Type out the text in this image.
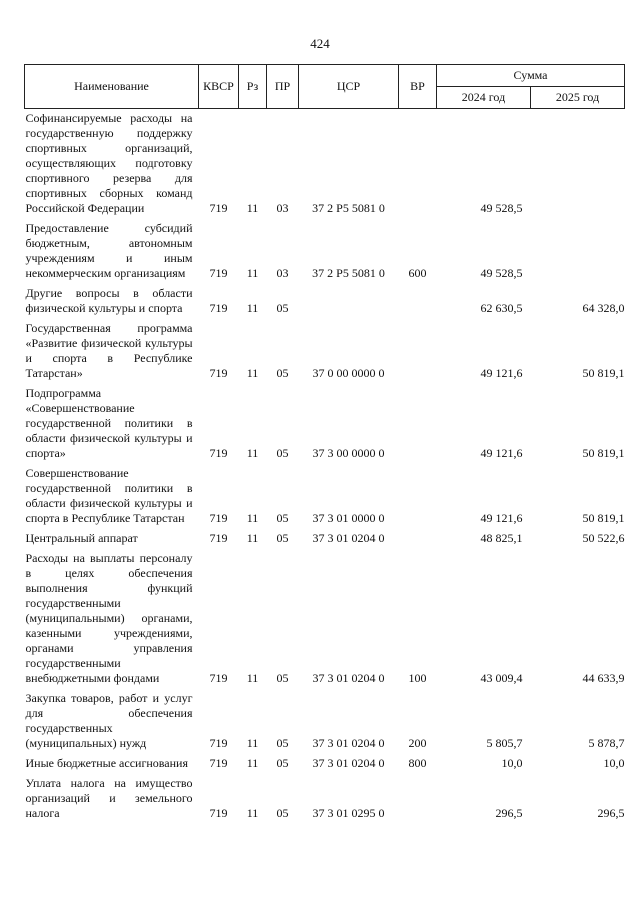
424
Наименование	КВСР	Рз	ПР	ЦСР	ВР	Сумма	
						2024 год	2025 год
Софинансируемые расходы на государственную поддержку спортивных организаций, осуществляющих подготовку спортивного резерва для спортивных сборных команд Российской Федерации	719	11	03	37 2 P5 5081 0		49 528,5	
Предоставление субсидий бюджетным, автономным учреждениям и иным некоммерческим организациям	719	11	03	37 2 P5 5081 0	600	49 528,5	
Другие вопросы в области физической культуры и спорта	719	11	05			62 630,5	64 328,0
Государственная программа «Развитие физической культуры и спорта в Республике Татарстан»	719	11	05	37 0 00 0000 0		49 121,6	50 819,1
Подпрограмма «Совершенствование государственной политики в области физической культуры и спорта»	719	11	05	37 3 00 0000 0		49 121,6	50 819,1
Совершенствование государственной политики в области физической культуры и спорта в Республике Татарстан	719	11	05	37 3 01 0000 0		49 121,6	50 819,1
Центральный аппарат	719	11	05	37 3 01 0204 0		48 825,1	50 522,6
Расходы на выплаты персоналу в целях обеспечения выполнения функций государственными (муниципальными) органами, казенными учреждениями, органами управления государственными внебюджетными фондами	719	11	05	37 3 01 0204 0	100	43 009,4	44 633,9
Закупка товаров, работ и услуг для обеспечения государственных (муниципальных) нужд	719	11	05	37 3 01 0204 0	200	5 805,7	5 878,7
Иные бюджетные ассигнования	719	11	05	37 3 01 0204 0	800	10,0	10,0
Уплата налога на имущество организаций и земельного налога	719	11	05	37 3 01 0295 0		296,5	296,5
